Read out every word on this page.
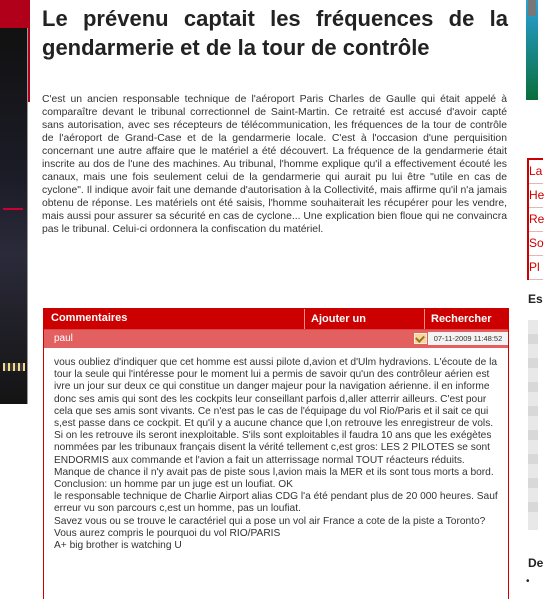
La
He
Re
So
Pl
Es
De
•
Le prévenu captait les fréquences de la gendarmerie et de la tour de contrôle

C'est un ancien responsable technique de l'aéroport Paris Charles de Gaulle qui était appelé à comparaître devant le tribunal correctionnel de Saint-Martin. Ce retraité est accusé d'avoir capté sans autorisation, avec ses récepteurs de télécommunication, les fréquences de la tour de contrôle de l'aéroport de Grand-Case et de la gendarmerie locale. C'est à l'occasion d'une perquisition concernant une autre affaire que le matériel a été découvert. La fréquence de la gendarmerie était inscrite au dos de l'une des machines. Au tribunal, l'homme explique qu'il a effectivement écouté les canaux, mais une fois seulement celui de la gendarmerie qui aurait pu lui être "utile en cas de cyclone". Il indique avoir fait une demande d'autorisation à la Collectivité, mais affirme qu'il n'a jamais obtenu de réponse. Les matériels ont été saisis, l'homme souhaiterait les récupérer pour les vendre, mais aussi pour assurer sa sécurité en cas de cyclone... Une explication bien floue qui ne convaincra pas le tribunal. Celui-ci ordonnera la confiscation du matériel.

Commentaires	Ajouter un	Rechercher
paul	07-11-2009 11:48:52
vous oubliez d'indiquer que cet homme est aussi pilote d,avion et d'Ulm hydravions. L'écoute de la tour la seule qui l'intéresse pour le moment lui a permis de savoir qu'un des contrôleur aérien est ivre un jour sur deux ce qui constitue un danger majeur pour la navigation aérienne. il en informe donc ses amis qui sont des les cockpits leur conseillant parfois d,aller atterrir ailleurs. C'est pour cela que ses amis sont vivants. Ce n'est pas le cas de l'équipage du vol Rio/Paris et il sait ce qui s,est passe dans ce cockpit. Et qu'il y a aucune chance que l,on retrouve les enregistreur de vols. Si on les retrouve ils seront inexploitable. S'ils sont exploitables il faudra 10 ans que les exégètes nommées par les tribunaux français disent la vérité tellement c,est gros: LES 2 PILOTES se sont ENDORMIS aux commande et l'avion a fait un atterrissage normal TOUT réacteurs réduits. Manque de chance il n'y avait pas de piste sous l,avion mais la MER et ils sont tous morts a bord. Conclusion: un homme par un juge est un loufiat. OK
le responsable technique de Charlie Airport alias CDG l'a été pendant plus de 20 000 heures. Sauf erreur vu son parcours c,est un homme, pas un loufiat.
Savez vous ou se trouve le caractériel qui a pose un vol air France a cote de la piste a Toronto? Vous aurez compris le pourquoi du vol RIO/PARIS
A+ big brother is watching U
